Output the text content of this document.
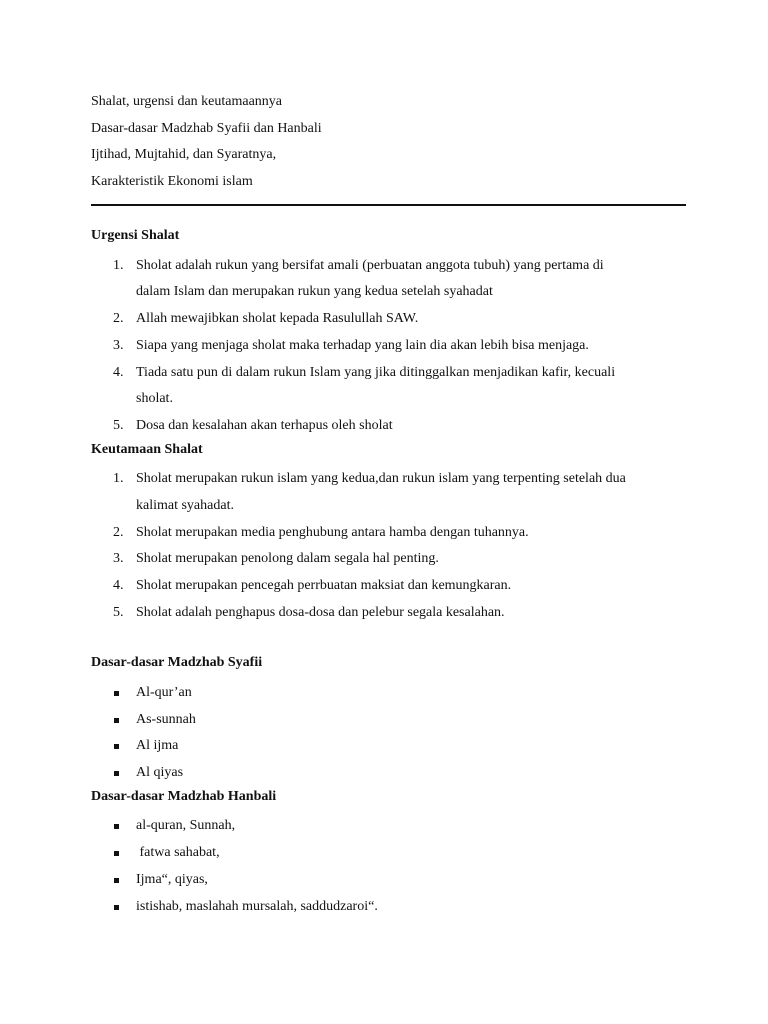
Shalat, urgensi dan keutamaannya
Dasar-dasar Madzhab Syafii dan Hanbali
Ijtihad, Mujtahid, dan Syaratnya,
Karakteristik Ekonomi islam
Urgensi Shalat
1. Sholat adalah rukun yang bersifat amali (perbuatan anggota tubuh) yang pertama di
dalam Islam dan merupakan rukun yang kedua setelah syahadat
2. Allah mewajibkan sholat kepada Rasulullah SAW.
3. Siapa yang menjaga sholat maka terhadap yang lain dia akan lebih bisa menjaga.
4. Tiada satu pun di dalam rukun Islam yang jika ditinggalkan menjadikan kafir, kecuali
sholat.
5. Dosa dan kesalahan akan terhapus oleh sholat
Keutamaan Shalat
1. Sholat merupakan rukun islam yang kedua,dan rukun islam yang terpenting setelah dua
kalimat syahadat.
2. Sholat merupakan media penghubung antara hamba dengan tuhannya.
3. Sholat merupakan penolong dalam segala hal penting.
4. Sholat merupakan pencegah perrbuatan maksiat dan kemungkaran.
5. Sholat adalah penghapus dosa-dosa dan pelebur segala kesalahan.
Dasar-dasar Madzhab Syafii
Al-qur’an
As-sunnah
Al ijma
Al qiyas
Dasar-dasar Madzhab Hanbali
al-quran, Sunnah,
fatwa sahabat,
Ijma“, qiyas,
istishab, maslahah mursalah, saddudzaroi“.
